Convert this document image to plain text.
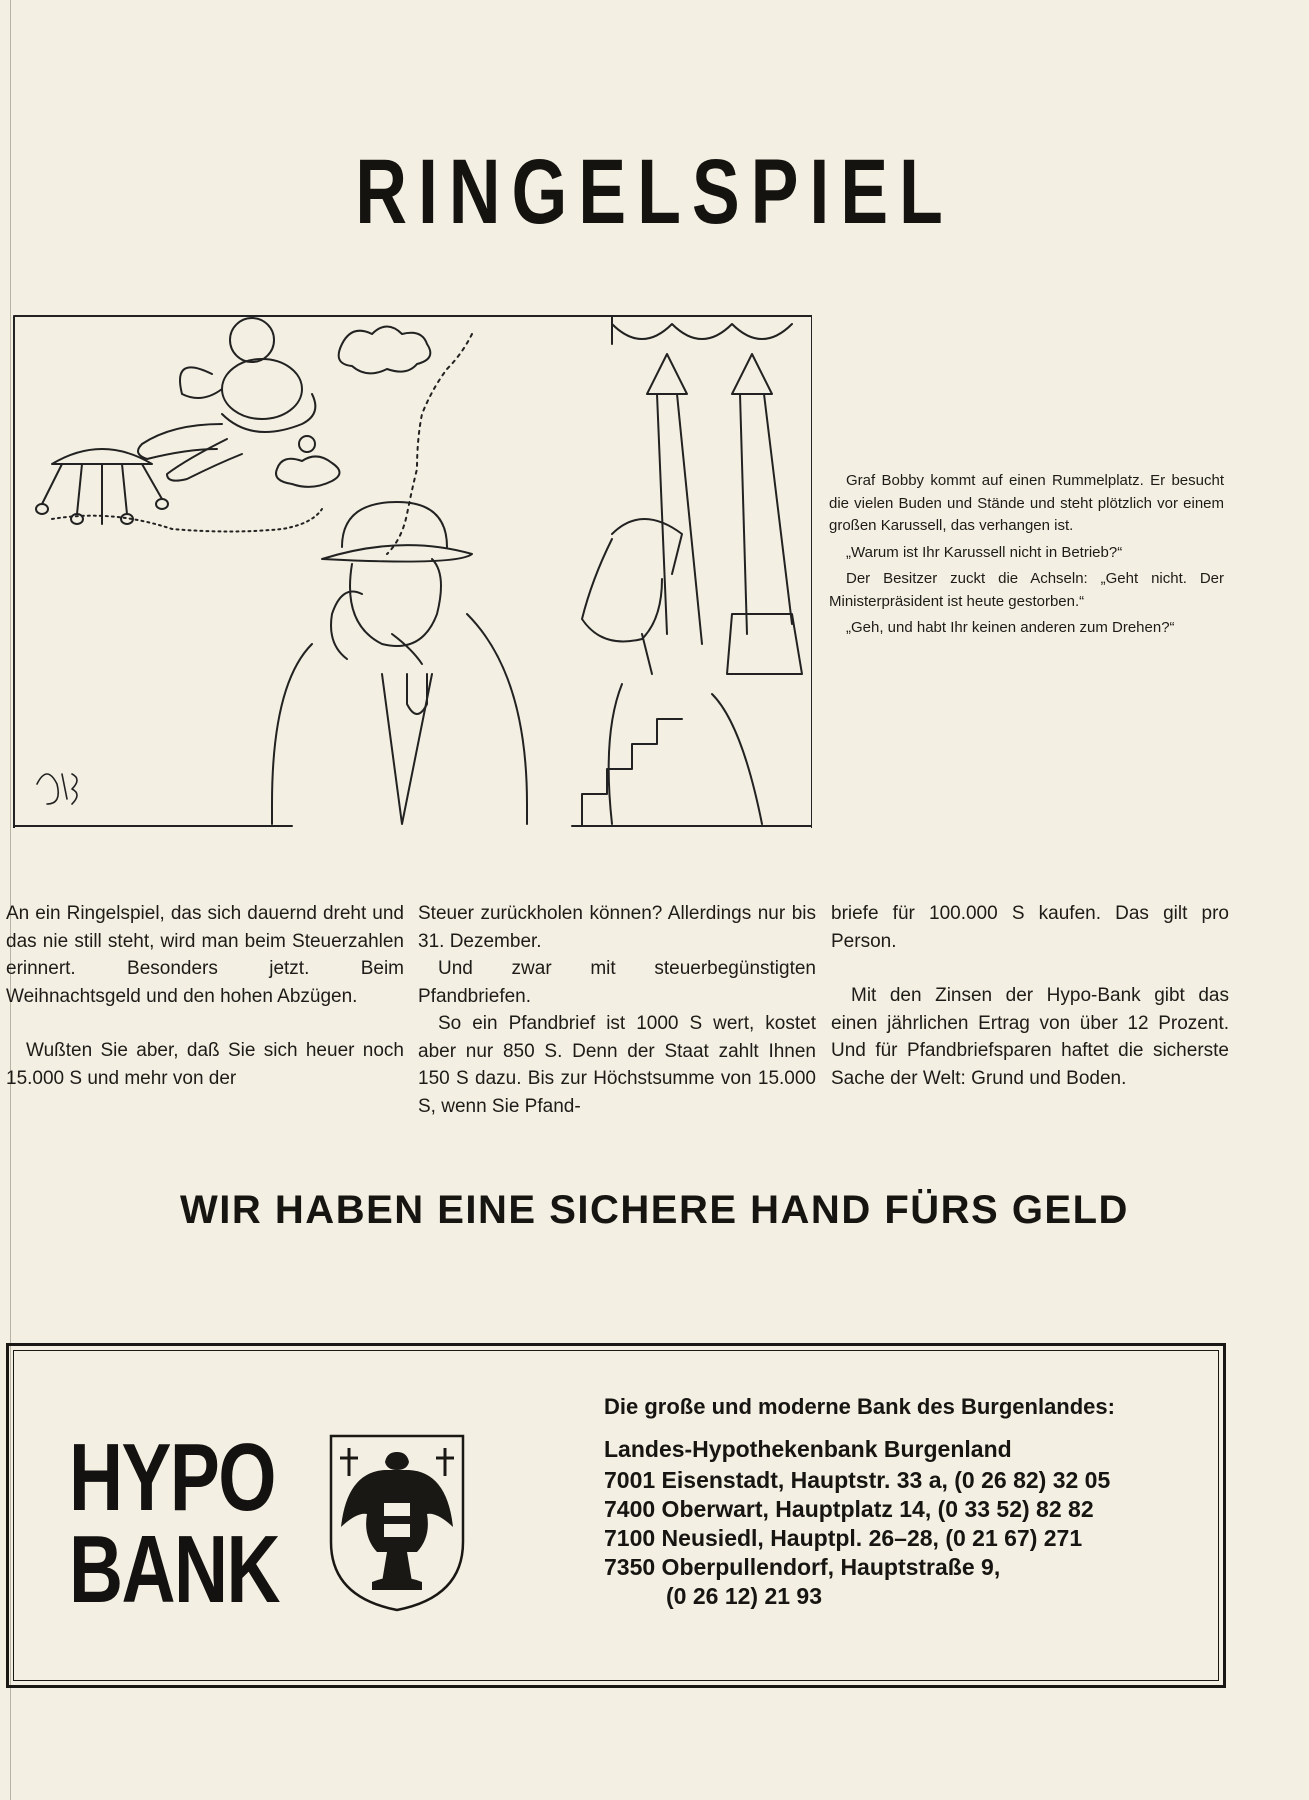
RINGELSPIEL

Graf Bobby kommt auf einen Rummelplatz. Er besucht die vielen Buden und Stände und steht plötzlich vor einem großen Karussell, das verhangen ist.

„Warum ist Ihr Karussell nicht in Betrieb?“

Der Besitzer zuckt die Achseln: „Geht nicht. Der Ministerpräsident ist heute gestorben.“

„Geh, und habt Ihr keinen anderen zum Drehen?“

An ein Ringelspiel, das sich dauernd dreht und das nie still steht, wird man beim Steuerzahlen erinnert. Besonders jetzt. Beim Weihnachtsgeld und den hohen Abzügen.

Wußten Sie aber, daß Sie sich heuer noch 15.000 S und mehr von der

Steuer zurückholen können? Allerdings nur bis 31. Dezember.

Und zwar mit steuerbegünstigten Pfandbriefen.

So ein Pfandbrief ist 1000 S wert, kostet aber nur 850 S. Denn der Staat zahlt Ihnen 150 S dazu. Bis zur Höchstsumme von 15.000 S, wenn Sie Pfand-

briefe für 100.000 S kaufen. Das gilt pro Person.

Mit den Zinsen der Hypo-Bank gibt das einen jährlichen Ertrag von über 12 Prozent. Und für Pfandbriefsparen haftet die sicherste Sache der Welt: Grund und Boden.

WIR HABEN EINE SICHERE HAND FÜRS GELD
HYPO
BANK

Die große und moderne Bank des Burgenlandes:

Landes-Hypothekenbank Burgenland

7001 Eisenstadt, Hauptstr. 33 a, (0 26 82) 32 05

7400 Oberwart, Hauptplatz 14, (0 33 52) 82 82

7100 Neusiedl, Hauptpl. 26–28, (0 21 67) 271

7350 Oberpullendorf, Hauptstraße 9,

(0 26 12) 21 93
